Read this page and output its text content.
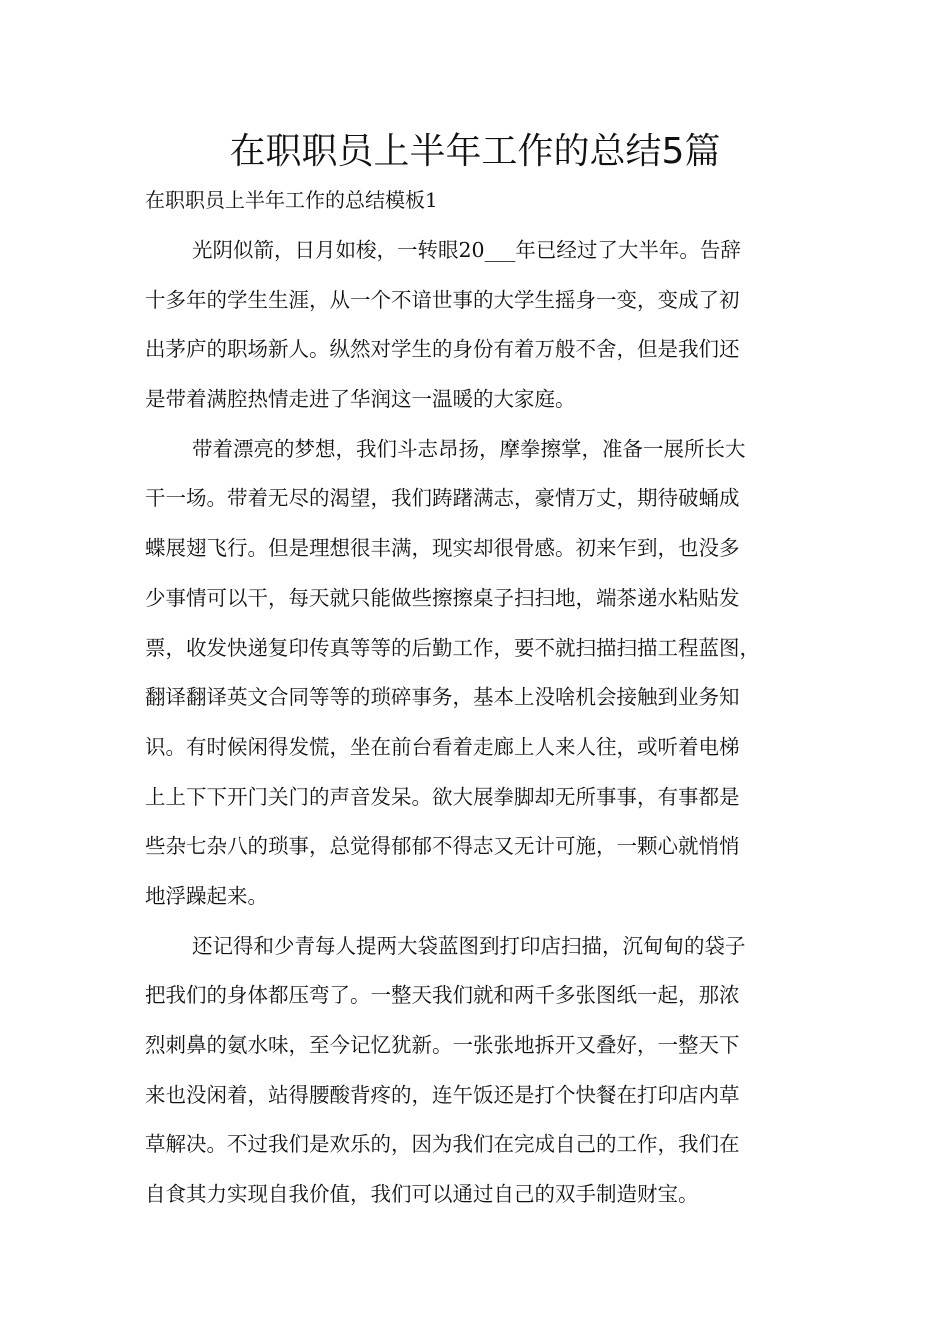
在职职员上半年工作的总结5篇

在职职员上半年工作的总结模板1

光阴似箭，日月如梭，一转眼20___年已经过了大半年。告辞
十多年的学生生涯，从一个不谙世事的大学生摇身一变，变成了初
出茅庐的职场新人。纵然对学生的身份有着万般不舍，但是我们还
是带着满腔热情走进了华润这一温暖的大家庭。

带着漂亮的梦想，我们斗志昂扬，摩拳擦掌，准备一展所长大
干一场。带着无尽的渴望，我们踌躇满志，豪情万丈，期待破蛹成
蝶展翅飞行。但是理想很丰满，现实却很骨感。初来乍到，也没多
少事情可以干，每天就只能做些擦擦桌子扫扫地，端茶递水粘贴发
票，收发快递复印传真等等的后勤工作，要不就扫描扫描工程蓝图，
翻译翻译英文合同等等的琐碎事务，基本上没啥机会接触到业务知
识。有时候闲得发慌，坐在前台看着走廊上人来人往，或听着电梯
上上下下开门关门的声音发呆。欲大展拳脚却无所事事，有事都是
些杂七杂八的琐事，总觉得郁郁不得志又无计可施，一颗心就悄悄
地浮躁起来。

还记得和少青每人提两大袋蓝图到打印店扫描，沉甸甸的袋子
把我们的身体都压弯了。一整天我们就和两千多张图纸一起，那浓
烈刺鼻的氨水味，至今记忆犹新。一张张地拆开又叠好，一整天下
来也没闲着，站得腰酸背疼的，连午饭还是打个快餐在打印店内草
草解决。不过我们是欢乐的，因为我们在完成自己的工作，我们在
自食其力实现自我价值，我们可以通过自己的双手制造财宝。
